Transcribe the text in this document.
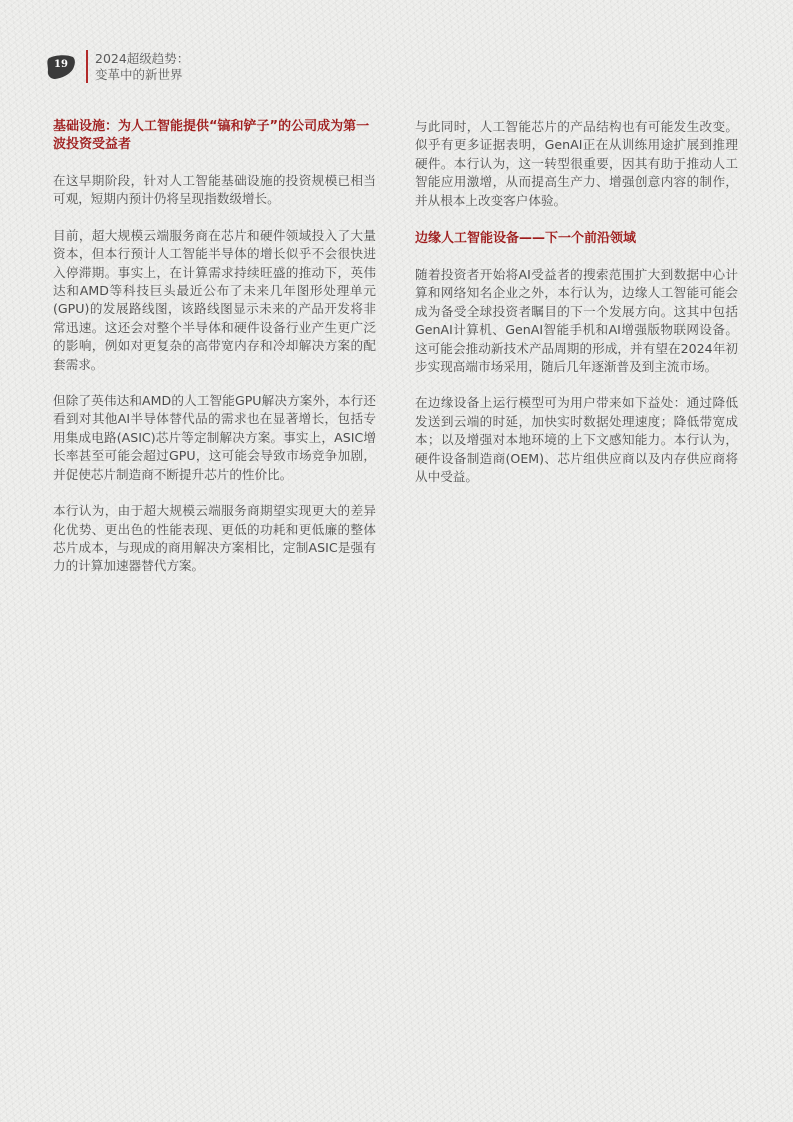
19	2024超级趋势：
变革中的新世界
基础设施：为人工智能提供“镐和铲子”的公司成为第一波投资受益者

在这早期阶段，针对人工智能基础设施的投资规模已相当可观，短期内预计仍将呈现指数级增长。

目前，超大规模云端服务商在芯片和硬件领域投入了大量资本，但本行预计人工智能半导体的增长似乎不会很快进入停滞期。事实上，在计算需求持续旺盛的推动下，英伟达和AMD等科技巨头最近公布了未来几年图形处理单元(GPU)的发展路线图，该路线图显示未来的产品开发将非常迅速。这还会对整个半导体和硬件设备行业产生更广泛的影响，例如对更复杂的高带宽内存和冷却解决方案的配套需求。

但除了英伟达和AMD的人工智能GPU解决方案外，本行还看到对其他AI半导体替代品的需求也在显著增长，包括专用集成电路(ASIC)芯片等定制解决方案。事实上，ASIC增长率甚至可能会超过GPU，这可能会导致市场竞争加剧，并促使芯片制造商不断提升芯片的性价比。

本行认为，由于超大规模云端服务商期望实现更大的差异化优势、更出色的性能表现、更低的功耗和更低廉的整体芯片成本，与现成的商用解决方案相比，定制ASIC是强有力的计算加速器替代方案。

与此同时，人工智能芯片的产品结构也有可能发生改变。似乎有更多证据表明，GenAI正在从训练用途扩展到推理硬件。本行认为，这一转型很重要，因其有助于推动人工智能应用激增，从而提高生产力、增强创意内容的制作，并从根本上改变客户体验。

边缘人工智能设备——下一个前沿领域

随着投资者开始将AI受益者的搜索范围扩大到数据中心计算和网络知名企业之外，本行认为，边缘人工智能可能会成为备受全球投资者瞩目的下一个发展方向。这其中包括GenAI计算机、GenAI智能手机和AI增强版物联网设备。这可能会推动新技术产品周期的形成，并有望在2024年初步实现高端市场采用，随后几年逐渐普及到主流市场。

在边缘设备上运行模型可为用户带来如下益处：通过降低发送到云端的时延，加快实时数据处理速度；降低带宽成本；以及增强对本地环境的上下文感知能力。本行认为，硬件设备制造商(OEM)、芯片组供应商以及内存供应商将从中受益。
